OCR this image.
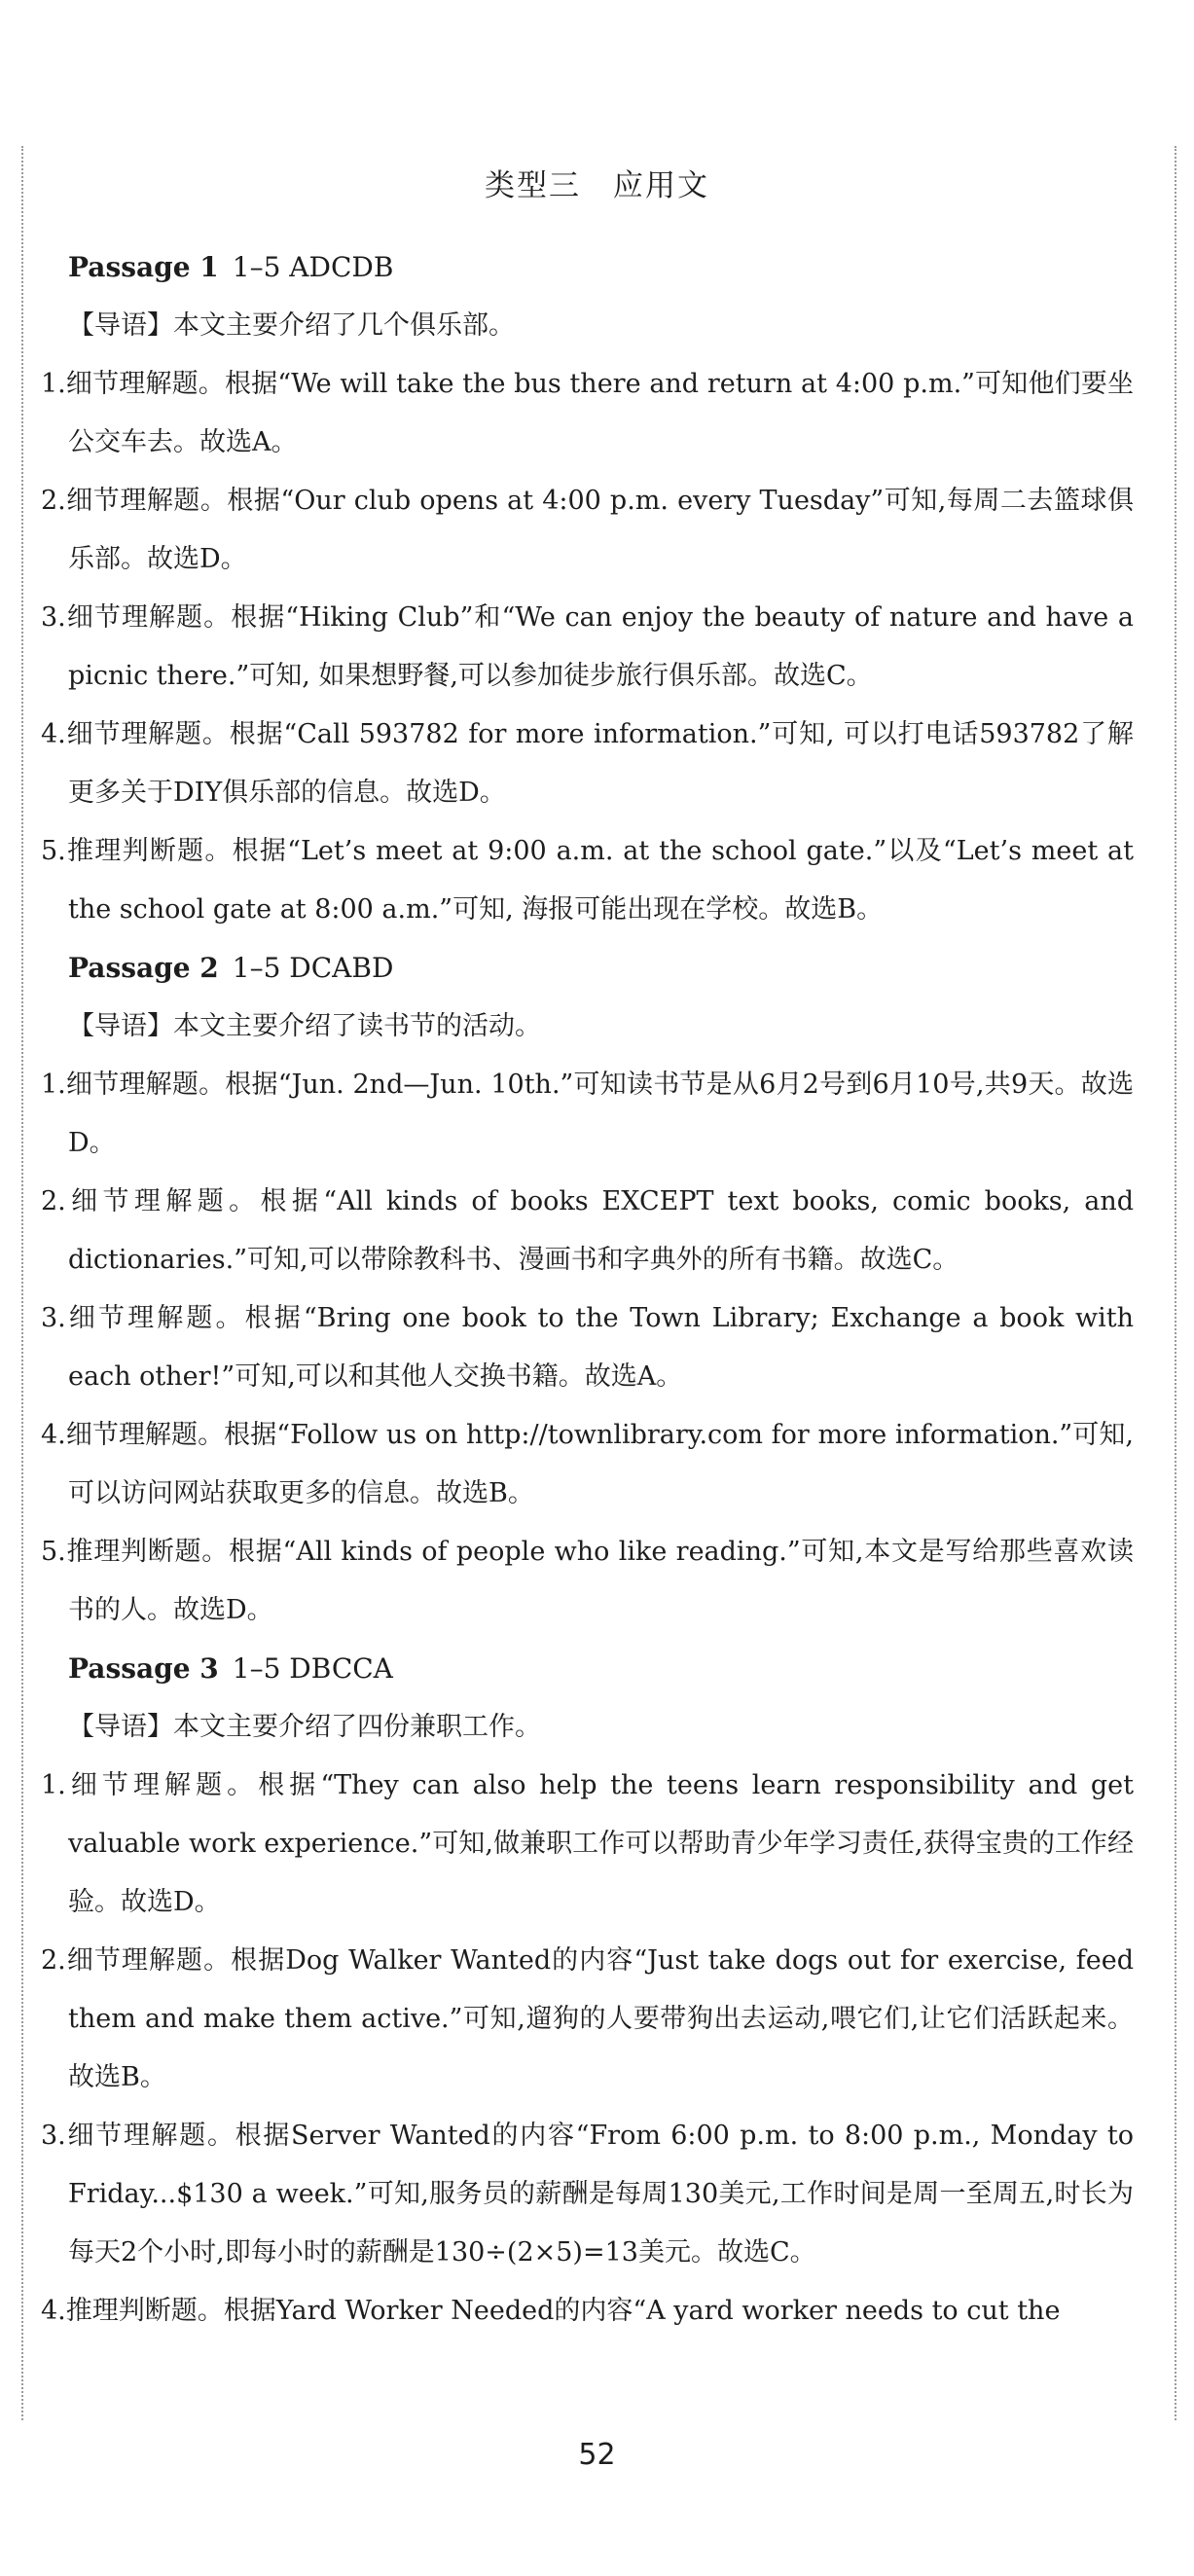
类型三　应用文

Passage 1 1–5 ADCDB

【导语】本文主要介绍了几个俱乐部。

1.细节理解题。根据“We will take the bus there and return at 4:00 p.m.”可知他们要坐公交车去。故选A。

2.细节理解题。根据“Our club opens at 4:00 p.m. every Tuesday”可知,每周二去篮球俱乐部。故选D。

3.细节理解题。根据“Hiking Club”和“We can enjoy the beauty of nature and have a picnic there.”可知, 如果想野餐,可以参加徒步旅行俱乐部。故选C。

4.细节理解题。根据“Call 593782 for more information.”可知, 可以打电话593782了解更多关于DIY俱乐部的信息。故选D。

5.推理判断题。根据“Let’s meet at 9:00 a.m. at the school gate.”以及“Let’s meet at the school gate at 8:00 a.m.”可知, 海报可能出现在学校。故选B。

Passage 2 1–5 DCABD

【导语】本文主要介绍了读书节的活动。

1.细节理解题。根据“Jun. 2nd—Jun. 10th.”可知读书节是从6月2号到6月10号,共9天。故选D。

2.细节理解题。根据“All kinds of books EXCEPT text books, comic books, and dictionaries.”可知,可以带除教科书、漫画书和字典外的所有书籍。故选C。

3.细节理解题。根据“Bring one book to the Town Library; Exchange a book with each other!”可知,可以和其他人交换书籍。故选A。

4.细节理解题。根据“Follow us on http://townlibrary.com for more information.”可知,可以访问网站获取更多的信息。故选B。

5.推理判断题。根据“All kinds of people who like reading.”可知,本文是写给那些喜欢读书的人。故选D。

Passage 3 1–5 DBCCA

【导语】本文主要介绍了四份兼职工作。

1.细节理解题。根据“They can also help the teens learn responsibility and get valuable work experience.”可知,做兼职工作可以帮助青少年学习责任,获得宝贵的工作经验。故选D。

2.细节理解题。根据Dog Walker Wanted的内容“Just take dogs out for exercise, feed them and make them active.”可知,遛狗的人要带狗出去运动,喂它们,让它们活跃起来。故选B。

3.细节理解题。根据Server Wanted的内容“From 6:00 p.m. to 8:00 p.m., Monday to Friday...$130 a week.”可知,服务员的薪酬是每周130美元,工作时间是周一至周五,时长为每天2个小时,即每小时的薪酬是130÷(2×5)=13美元。故选C。

4.推理判断题。根据Yard Worker Needed的内容“A yard worker needs to cut the

52
